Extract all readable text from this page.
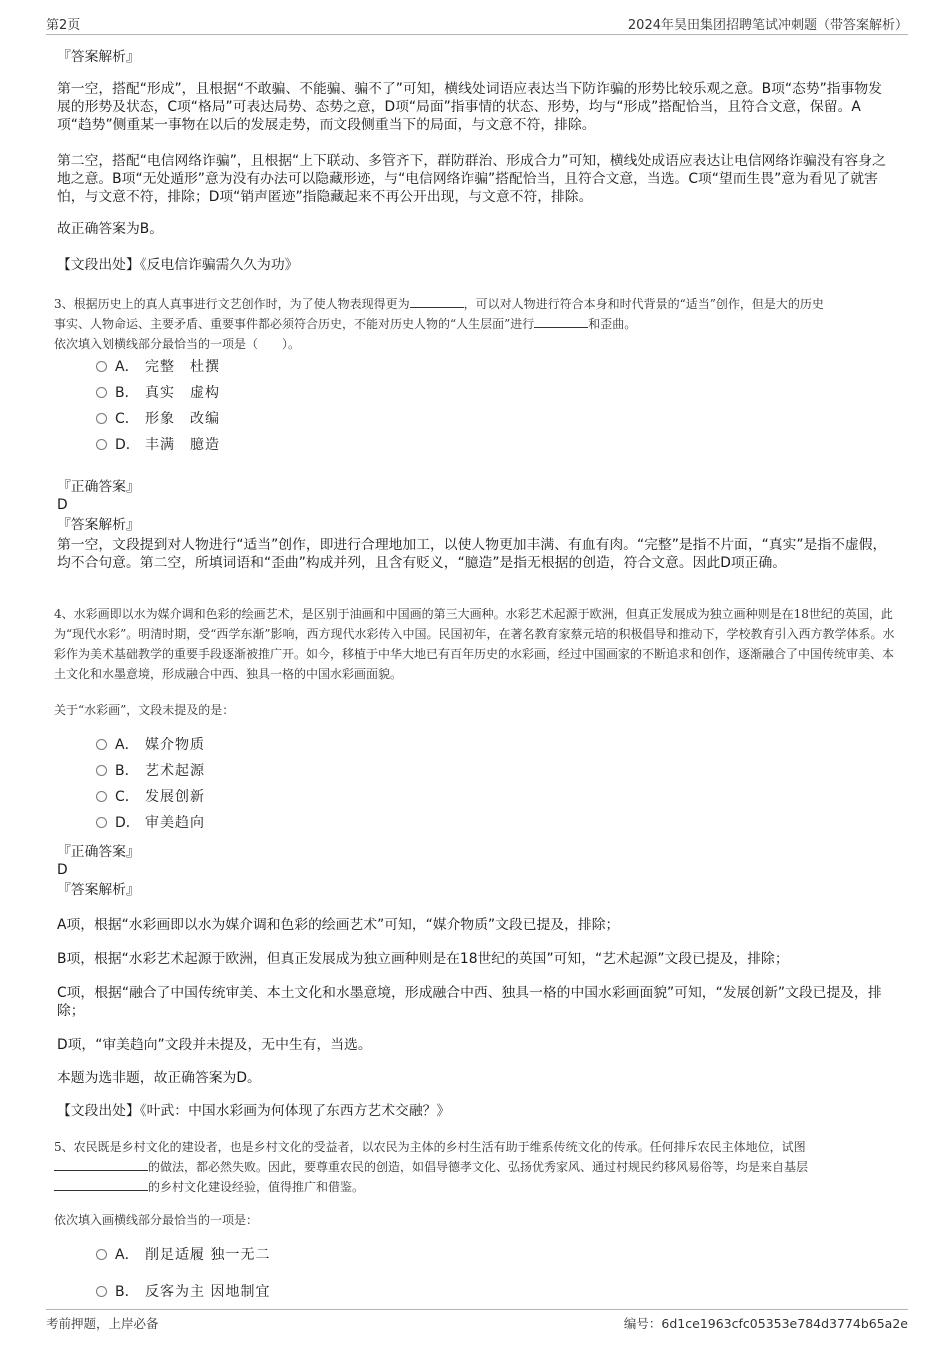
第2页	2024年昊田集团招聘笔试冲刺题（带答案解析）

『答案解析』

第一空，搭配“形成”，且根据“不敢骗、不能骗、骗不了”可知，横线处词语应表达当下防诈骗的形势比较乐观之意。B项“态势”指事物发展的形势及状态，C项“格局”可表达局势、态势之意，D项“局面”指事情的状态、形势，均与“形成”搭配恰当，且符合文意，保留。A项“趋势”侧重某一事物在以后的发展走势，而文段侧重当下的局面，与文意不符，排除。

第二空，搭配“电信网络诈骗”，且根据“上下联动、多管齐下，群防群治、形成合力”可知，横线处成语应表达让电信网络诈骗没有容身之地之意。B项“无处遁形”意为没有办法可以隐藏形迹，与“电信网络诈骗”搭配恰当，且符合文意，当选。C项“望而生畏”意为看见了就害怕，与文意不符，排除；D项“销声匿迹”指隐藏起来不再公开出现，与文意不符，排除。

故正确答案为B。

【文段出处】《反电信诈骗需久久为功》

3、根据历史上的真人真事进行文艺创作时，为了使人物表现得更为	，可以对人物进行符合本身和时代背景的“适当”创作，但是大的历史
事实、人物命运、主要矛盾、重要事件都必须符合历史，不能对历史人物的“人生层面”进行	和歪曲。

依次填入划横线部分最恰当的一项是（　　）。

A． 完整　杜撰
B． 真实　虚构
C． 形象　改编
D． 丰满　臆造

『正确答案』

D

『答案解析』

第一空，文段提到对人物进行“适当”创作，即进行合理地加工，以使人物更加丰满、有血有肉。“完整”是指不片面，“真实”是指不虚假，均不合句意。第二空，所填词语和“歪曲”构成并列，且含有贬义，“臆造”是指无根据的创造，符合文意。因此D项正确。

4、水彩画即以水为媒介调和色彩的绘画艺术，是区别于油画和中国画的第三大画种。水彩艺术起源于欧洲，但真正发展成为独立画种则是在18世纪的英国，此为“现代水彩”。明清时期，受“西学东渐”影响，西方现代水彩传入中国。民国初年，在著名教育家蔡元培的积极倡导和推动下，学校教育引入西方教学体系。水彩作为美术基础教学的重要手段逐渐被推广开。如今，移植于中华大地已有百年历史的水彩画，经过中国画家的不断追求和创作，逐渐融合了中国传统审美、本土文化和水墨意境，形成融合中西、独具一格的中国水彩画面貌。

关于“水彩画”，文段未提及的是：

A． 媒介物质
B． 艺术起源
C． 发展创新
D． 审美趋向

『正确答案』

D

『答案解析』

A项，根据“水彩画即以水为媒介调和色彩的绘画艺术”可知，“媒介物质”文段已提及，排除；

B项，根据“水彩艺术起源于欧洲，但真正发展成为独立画种则是在18世纪的英国”可知，“艺术起源”文段已提及，排除；

C项，根据“融合了中国传统审美、本土文化和水墨意境，形成融合中西、独具一格的中国水彩画面貌”可知，“发展创新”文段已提及，排除；

D项，“审美趋向”文段并未提及，无中生有，当选。

本题为选非题，故正确答案为D。

【文段出处】《叶武：中国水彩画为何体现了东西方艺术交融？》

5、农民既是乡村文化的建设者，也是乡村文化的受益者，以农民为主体的乡村生活有助于维系传统文化的传承。任何排斥农民主体地位，试图
的做法，都必然失败。因此，要尊重农民的创造，如倡导德孝文化、弘扬优秀家风、通过村规民约移风易俗等，均是来自基层
的乡村文化建设经验，值得推广和借鉴。

依次填入画横线部分最恰当的一项是：

A． 削足适履 独一无二
B． 反客为主 因地制宜
考前押题，上岸必备	编号：6d1ce1963cfc05353e784d3774b65a2e
